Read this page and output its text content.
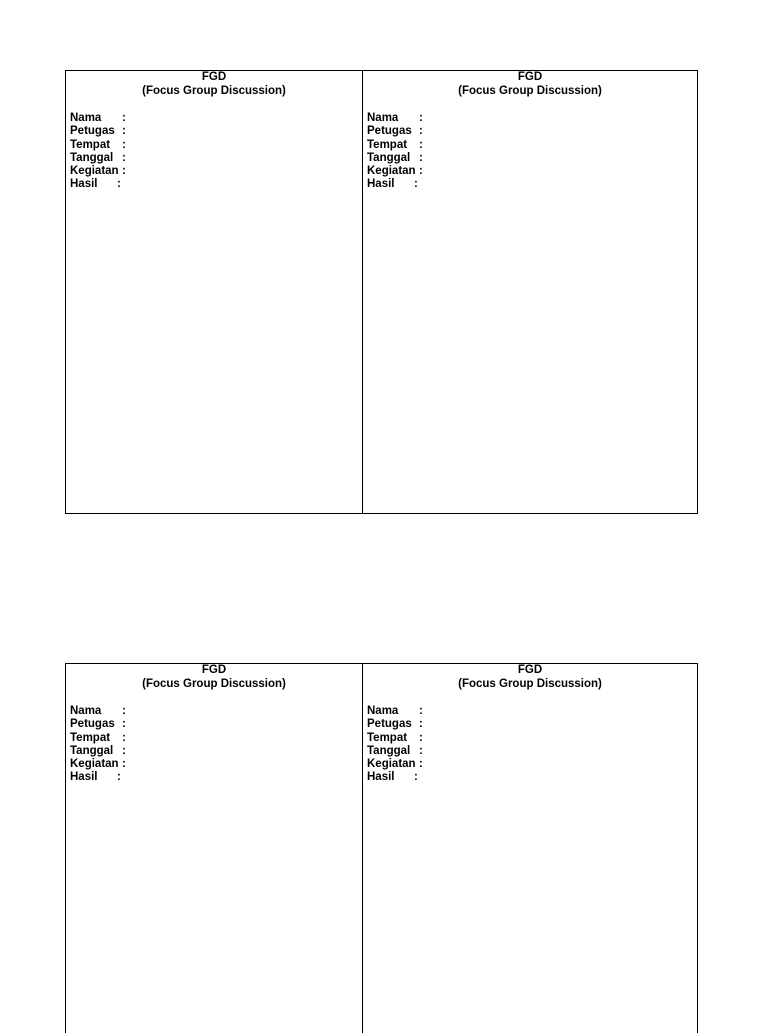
FGD
(Focus Group Discussion)
Nama	:
Petugas :
Tempat	:
Tanggal :
Kegiatan :
Hasil	:
FGD
(Focus Group Discussion)
Nama	:
Petugas :
Tempat	:
Tanggal :
Kegiatan :
Hasil	:
FGD
(Focus Group Discussion)
Nama	:
Petugas :
Tempat	:
Tanggal :
Kegiatan :
Hasil	:
FGD
(Focus Group Discussion)
Nama	:
Petugas :
Tempat	:
Tanggal :
Kegiatan :
Hasil	:
